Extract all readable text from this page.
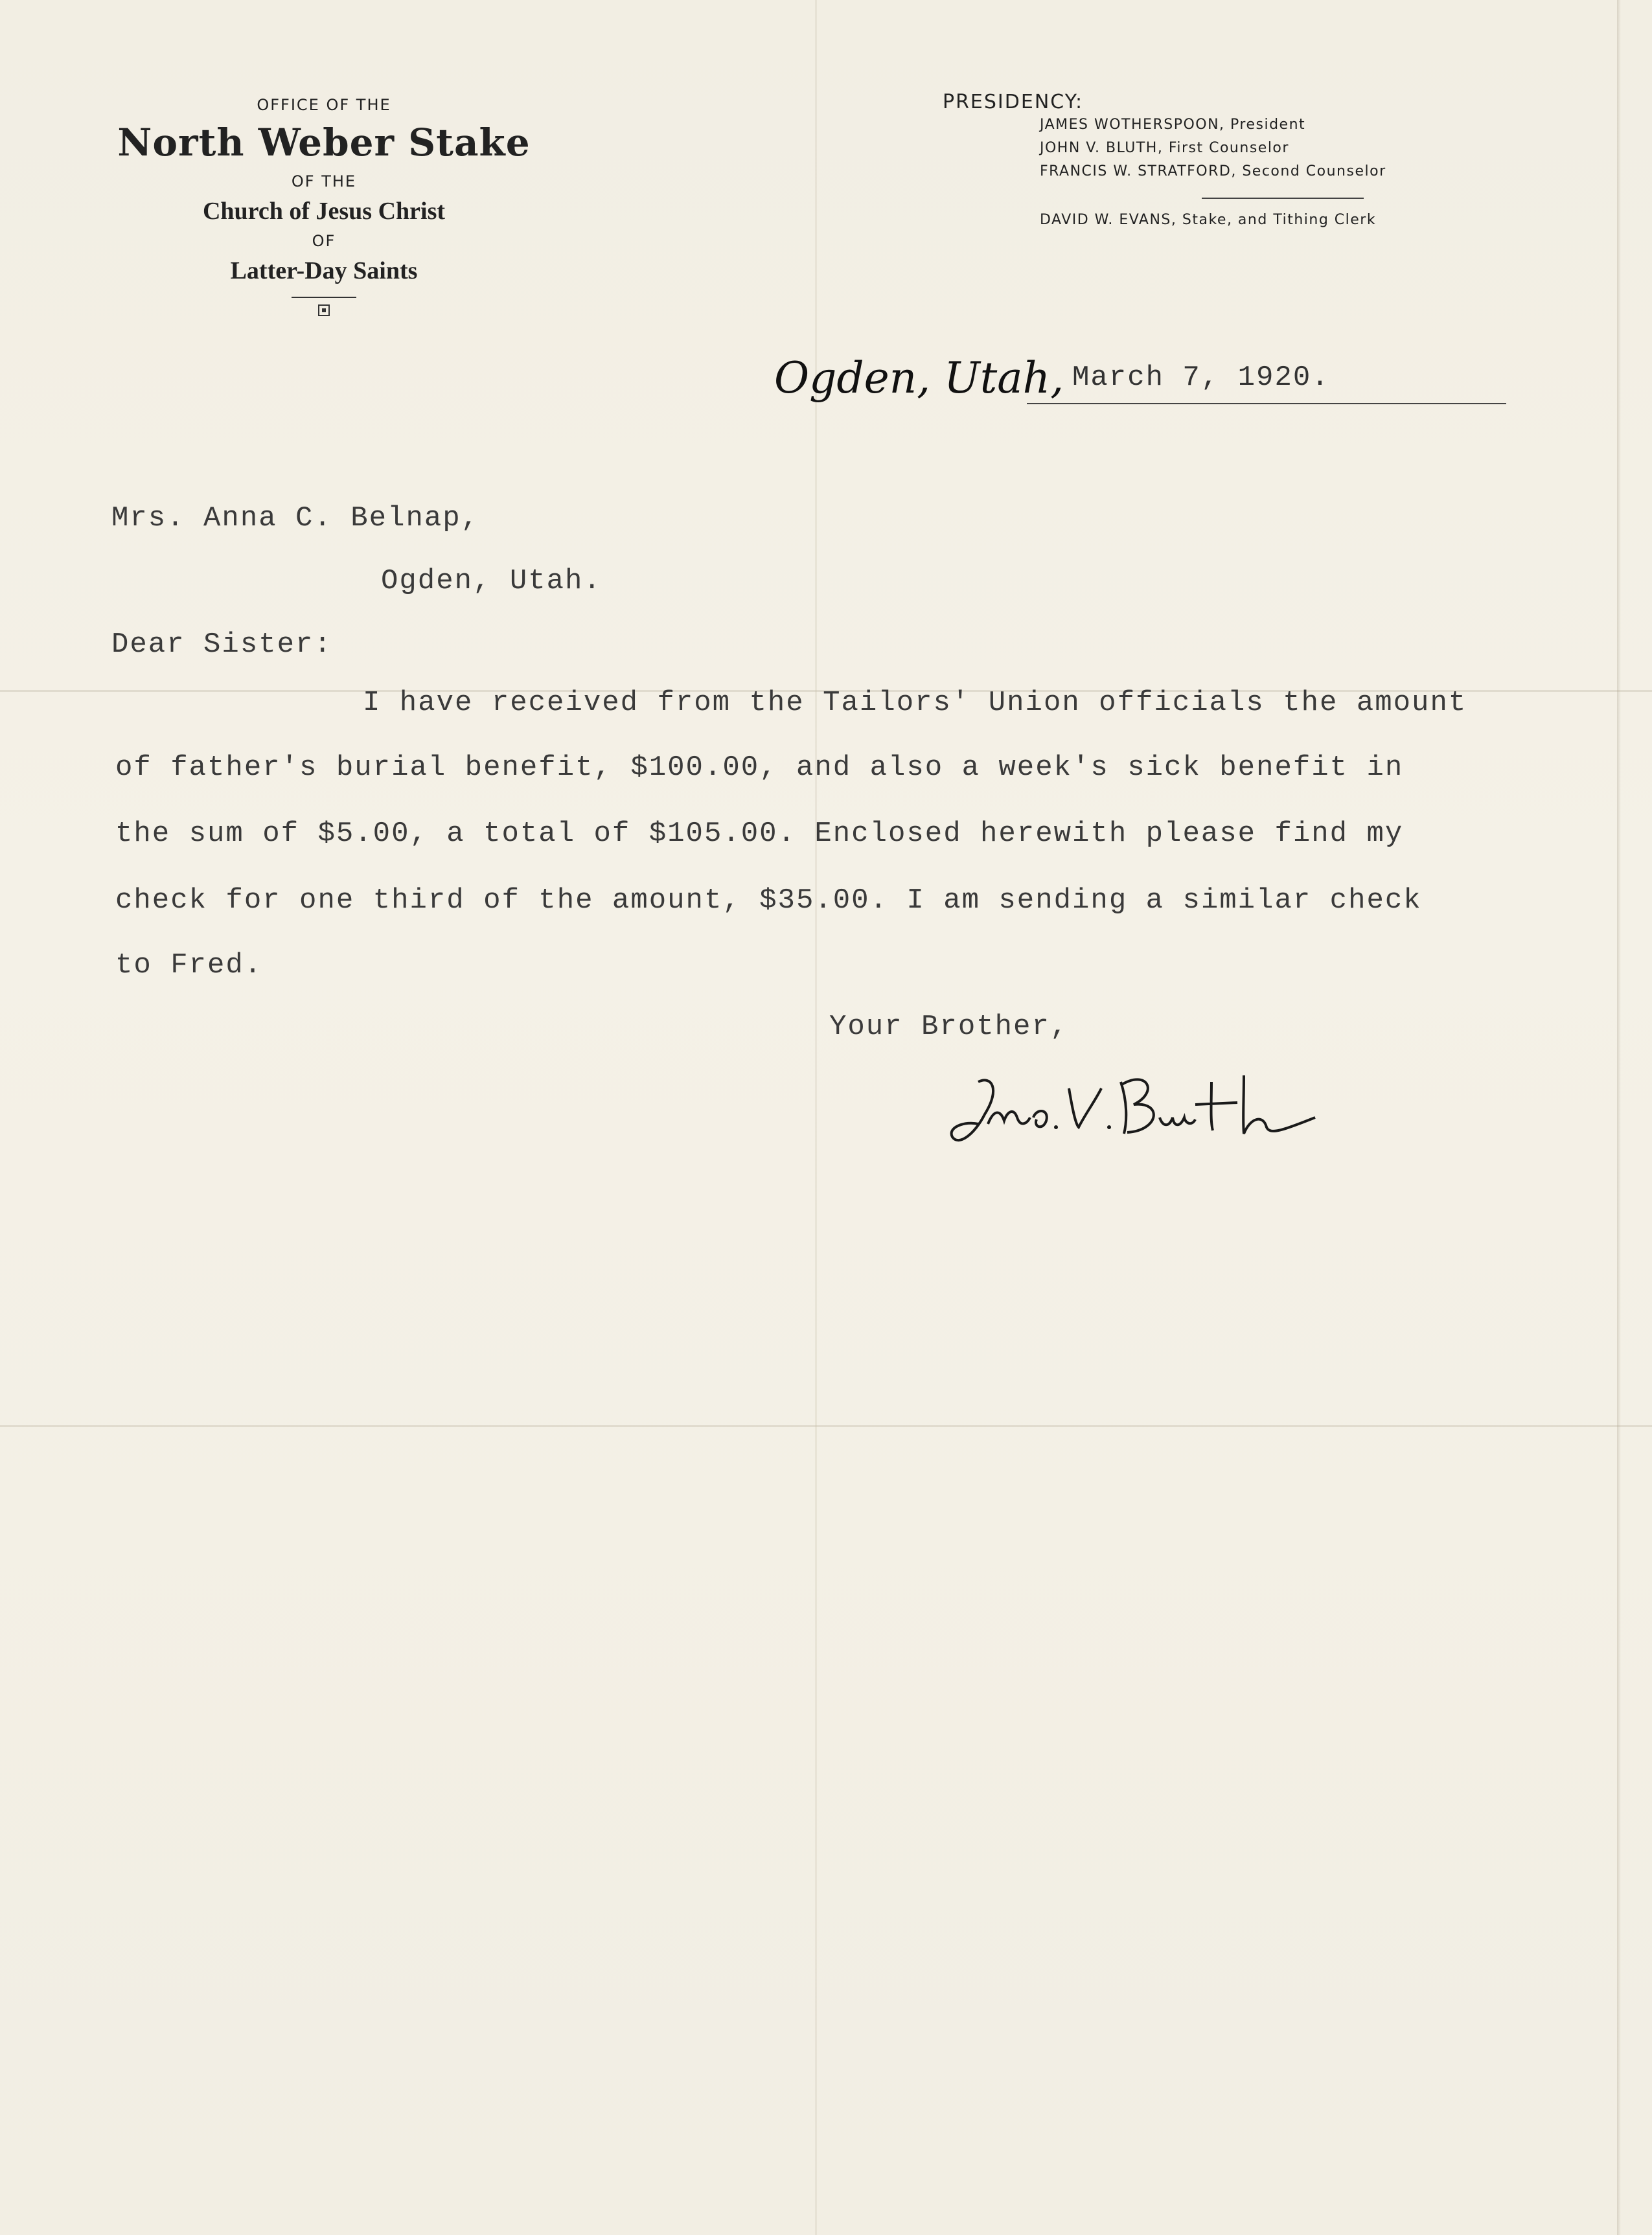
OFFICE OF THE
North Weber Stake
OF THE
Church of Jesus Christ
OF
Latter-Day Saints
PRESIDENCY:
JAMES WOTHERSPOON, President
JOHN V. BLUTH, First Counselor
FRANCIS W. STRATFORD, Second Counselor
DAVID W. EVANS, Stake, and Tithing Clerk
Ogden, Utah, March 7, 1920.
Mrs. Anna C. Belnap,
Ogden, Utah.
Dear Sister:
I have received from the Tailors' Union officials the amount
of father's burial benefit, $100.00, and also a week's sick benefit in
the sum of $5.00, a total of $105.00. Enclosed herewith please find my
check for one third of the amount, $35.00. I am sending a similar check
to Fred.
Your Brother,
